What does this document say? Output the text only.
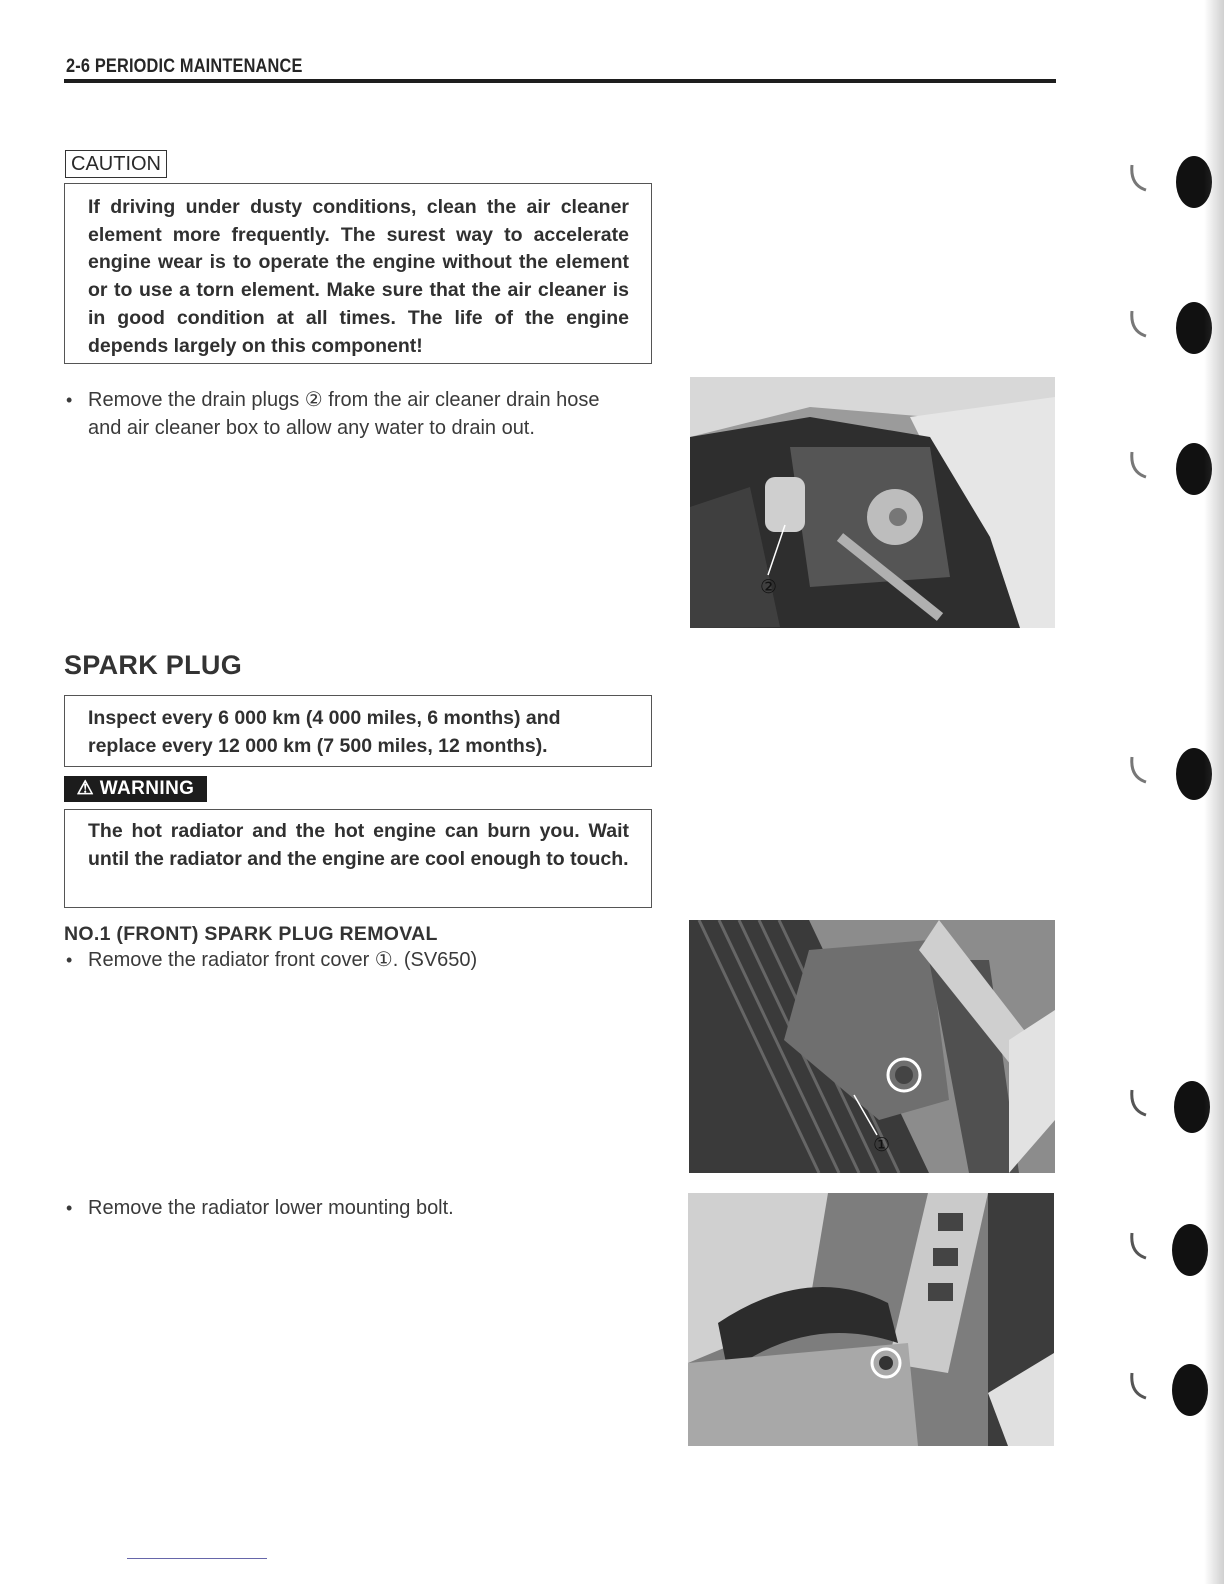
2-6 PERIODIC MAINTENANCE
CAUTION
If driving under dusty conditions, clean the air cleaner element more frequently. The surest way to accelerate engine wear is to operate the engine without the element or to use a torn element. Make sure that the air cleaner is in good condition at all times. The life of the engine depends largely on this component!
• Remove the drain plugs ② from the air cleaner drain hose
and air cleaner box to allow any water to drain out.
②
SPARK PLUG
Inspect every 6 000 km (4 000 miles, 6 months) and replace every 12 000 km (7 500 miles, 12 months).
⚠ WARNING
The hot radiator and the hot engine can burn you. Wait until the radiator and the engine are cool enough to touch.
NO.1 (FRONT) SPARK PLUG REMOVAL
• Remove the radiator front cover ①. (SV650)
①
• Remove the radiator lower mounting bolt.
